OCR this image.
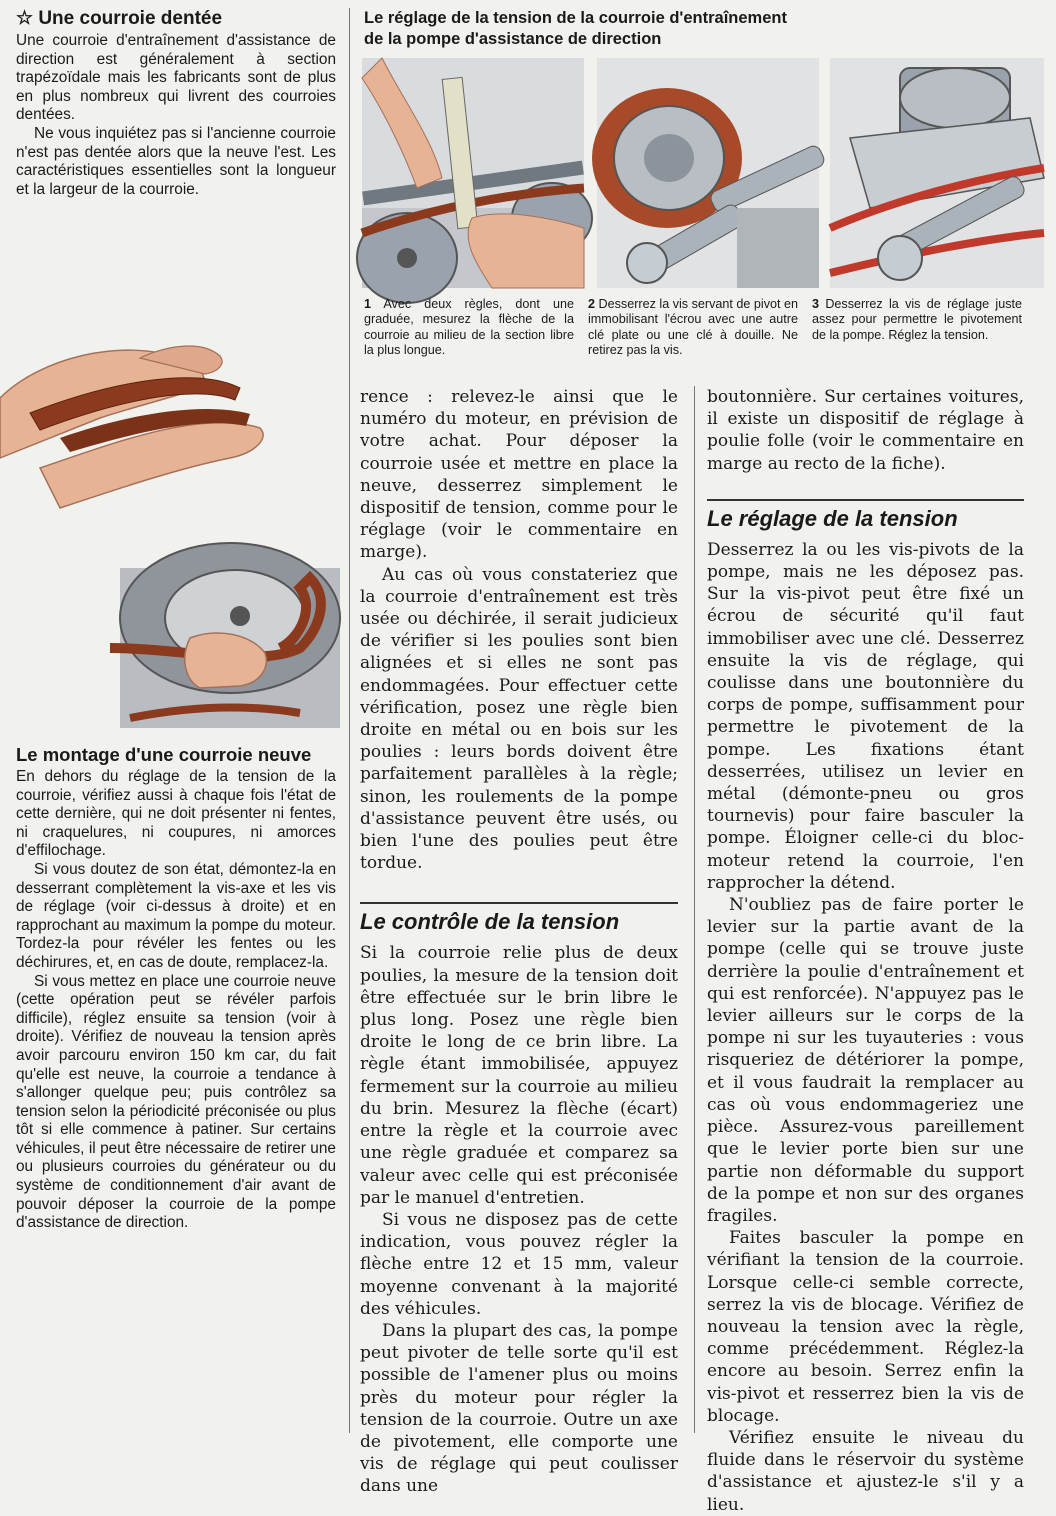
☆ Une courroie dentée

Une courroie d'entraînement d'assistance de direction est généralement à section trapézoïdale mais les fabricants sont de plus en plus nombreux qui livrent des courroies dentées.

Ne vous inquiétez pas si l'ancienne courroie n'est pas dentée alors que la neuve l'est. Les caractéristiques essentielles sont la longueur et la largeur de la courroie.

Le montage d'une courroie neuve

En dehors du réglage de la tension de la courroie, vérifiez aussi à chaque fois l'état de cette dernière, qui ne doit présenter ni fentes, ni craquelures, ni coupures, ni amorces d'effilochage.

Si vous doutez de son état, démontez-la en desserrant complètement la vis-axe et les vis de réglage (voir ci-dessus à droite) et en rapprochant au maximum la pompe du moteur. Tordez-la pour révéler les fentes ou les déchirures, et, en cas de doute, remplacez-la.

Si vous mettez en place une courroie neuve (cette opération peut se révéler parfois difficile), réglez ensuite sa tension (voir à droite). Vérifiez de nouveau la tension après avoir parcouru environ 150 km car, du fait qu'elle est neuve, la courroie a tendance à s'allonger quelque peu; puis contrôlez sa tension selon la périodicité préconisée ou plus tôt si elle commence à patiner. Sur certains véhicules, il peut être nécessaire de retirer une ou plusieurs courroies du générateur ou du système de conditionnement d'air avant de pouvoir déposer la courroie de la pompe d'assistance de direction.

Le réglage de la tension de la courroie d'entraînement
de la pompe d'assistance de direction
1 Avec deux règles, dont une graduée, mesurez la flèche de la courroie au milieu de la section libre la plus longue.
2 Desserrez la vis servant de pivot en immobilisant l'écrou avec une autre clé plate ou une clé à douille. Ne retirez pas la vis.
3 Desserrez la vis de réglage juste assez pour permettre le pivotement de la pompe. Réglez la tension.

rence : relevez-le ainsi que le numéro du moteur, en prévision de votre achat. Pour déposer la courroie usée et mettre en place la neuve, desserrez simplement le dispositif de tension, comme pour le réglage (voir le commentaire en marge).

Au cas où vous constateriez que la courroie d'entraînement est très usée ou déchirée, il serait judicieux de vérifier si les poulies sont bien alignées et si elles ne sont pas endommagées. Pour effectuer cette vérification, posez une règle bien droite en métal ou en bois sur les poulies : leurs bords doivent être parfaitement parallèles à la règle; sinon, les roulements de la pompe d'assistance peuvent être usés, ou bien l'une des poulies peut être tordue.

Le contrôle de la tension

Si la courroie relie plus de deux poulies, la mesure de la tension doit être effectuée sur le brin libre le plus long. Posez une règle bien droite le long de ce brin libre. La règle étant immobilisée, appuyez fermement sur la courroie au milieu du brin. Mesurez la flèche (écart) entre la règle et la courroie avec une règle graduée et comparez sa valeur avec celle qui est préconisée par le manuel d'entretien.

Si vous ne disposez pas de cette indication, vous pouvez régler la flèche entre 12 et 15 mm, valeur moyenne convenant à la majorité des véhicules.

Dans la plupart des cas, la pompe peut pivoter de telle sorte qu'il est possible de l'amener plus ou moins près du moteur pour régler la tension de la courroie. Outre un axe de pivotement, elle comporte une vis de réglage qui peut coulisser dans une

boutonnière. Sur certaines voitures, il existe un dispositif de réglage à poulie folle (voir le commentaire en marge au recto de la fiche).

Le réglage de la tension

Desserrez la ou les vis-pivots de la pompe, mais ne les déposez pas. Sur la vis-pivot peut être fixé un écrou de sécurité qu'il faut immobiliser avec une clé. Desserrez ensuite la vis de réglage, qui coulisse dans une boutonnière du corps de pompe, suffisamment pour permettre le pivotement de la pompe. Les fixations étant desserrées, utilisez un levier en métal (démonte-pneu ou gros tournevis) pour faire basculer la pompe. Éloigner celle-ci du bloc-moteur retend la courroie, l'en rapprocher la détend.

N'oubliez pas de faire porter le levier sur la partie avant de la pompe (celle qui se trouve juste derrière la poulie d'entraînement et qui est renforcée). N'appuyez pas le levier ailleurs sur le corps de la pompe ni sur les tuyauteries : vous risqueriez de détériorer la pompe, et il vous faudrait la remplacer au cas où vous endommageriez une pièce. Assurez-vous pareillement que le levier porte bien sur une partie non déformable du support de la pompe et non sur des organes fragiles.

Faites basculer la pompe en vérifiant la tension de la courroie. Lorsque celle-ci semble correcte, serrez la vis de blocage. Vérifiez de nouveau la tension avec la règle, comme précédemment. Réglez-la encore au besoin. Serrez enfin la vis-pivot et resserrez bien la vis de blocage.

Vérifiez ensuite le niveau du fluide dans le réservoir du système d'assistance et ajustez-le s'il y a lieu.
